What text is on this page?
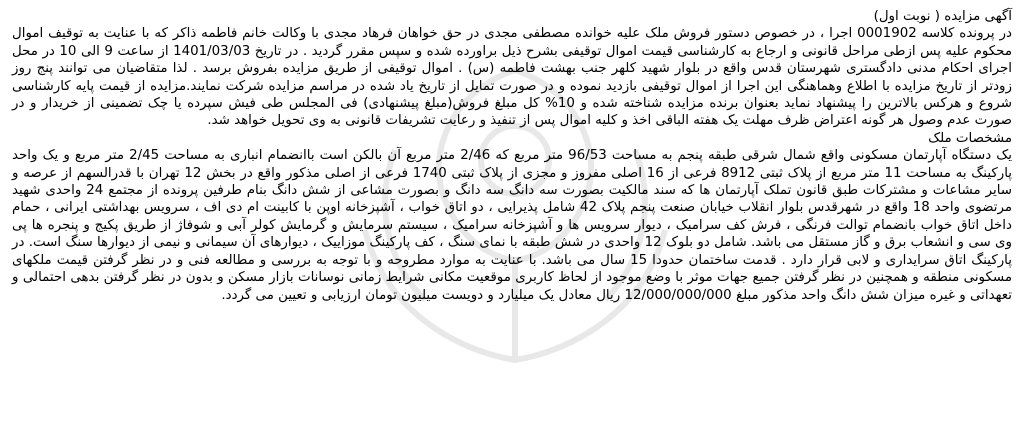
آگهی مزایده ( نوبت اول)

در پرونده کلاسه 0001902 اجرا ، در خصوص دستور فروش ملک علیه خوانده مصطفی مجدی در حق خواهان فرهاد مجدی با وکالت خانم فاطمه ذاکر که با عنایت به توقیف اموال محکوم علیه پس ازطی مراحل قانونی و ارجاع به کارشناسی قیمت اموال توقیفی بشرح ذیل براورده شده و سپس مقرر گردید . در تاریخ 1401/03/03 از ساعت 9 الی 10 در محل اجرای احکام مدنی دادگستری شهرستان قدس واقع در بلوار شهید کلهر جنب بهشت فاطمه (س) . اموال توقیفی از طریق مزایده بفروش برسد . لذا متقاضیان می توانند پنج روز زودتر از تاریخ مزایده با اطلاع وهماهنگی این اجرا از اموال توقیفی بازدید نموده و در صورت تمایل از تاریخ یاد شده در مراسم مزایده شرکت نمایند.مزایده از قیمت پایه کارشناسی شروع و هرکس بالاترین را پیشنهاد نماید بعنوان برنده مزایده شناخته شده و 10% کل مبلغ فروش(مبلغ پیشنهادی) فی المجلس طی فیش سپرده یا چک تضمینی از خریدار و در صورت عدم وصول هر گونه اعتراض ظرف مهلت یک هفته الباقی اخذ و کلیه اموال پس از تنفیذ و رعایت تشریفات قانونی به وی تحویل خواهد شد.

مشخصات ملک

یک دستگاه آپارتمان مسکونی واقع شمال شرقی طبقه پنجم به مساحت 96/53 متر مربع که 2/46 متر مربع آن بالکن است باانضمام انباری به مساحت 2/45 متر مربع و یک واحد پارکینگ به مساحت 11 متر مربع از پلاک ثبتی 8912 فرعی از 16 اصلی مفروز و مجزی از پلاک ثبتی 1740 فرعی از اصلی مذکور واقع در بخش 12 تهران با قدرالسهم از عرصه و سایر مشاعات و مشترکات طبق قانون تملک آپارتمان ها که سند مالکیت بصورت سه دانگ سه دانگ و بصورت مشاعی از شش دانگ بنام طرفین پرونده از مجتمع 24 واحدی شهید مرتضوی واحد 18 واقع در شهرقدس بلوار انقلاب خیابان صنعت پنجم پلاک 42 شامل پذیرایی ، دو اتاق خواب ، آشپزخانه اوپن با کابینت ام دی اف ، سرویس بهداشتی ایرانی ، حمام داخل اتاق خواب بانضمام توالت فرنگی ، فرش کف سرامیک ، دیوار سرویس ها و آشپزخانه سرامیک ، سیستم سرمایش و گرمایش کولر آبی و شوفاژ از طریق پکیج و پنجره ها پی وی سی و انشعاب برق و گاز مستقل می باشد. شامل دو بلوک 12 واحدی در شش طبقه با نمای سنگ ، کف پارکینگ موزاییک ، دیوارهای آن سیمانی و نیمی از دیوارها سنگ است. در پارکینگ اتاق سرایداری و لابی قرار دارد . قدمت ساختمان حدودا 15 سال می باشد. با عنایت به موارد مطروحه و با توجه به بررسی و مطالعه فنی و در نظر گرفتن قیمت ملکهای مسکونی منطقه و همچنین در نظر گرفتن جمیع جهات موثر با وضع موجود از لحاظ کاربری موقعیت مکانی شرایط زمانی نوسانات بازار مسکن و بدون در نظر گرفتن بدهی احتمالی و تعهداتی و غیره میزان شش دانگ واحد مذکور مبلغ 12/000/000/000 ریال معادل یک میلیارد و دویست میلیون تومان ارزیابی و تعیین می گردد.
